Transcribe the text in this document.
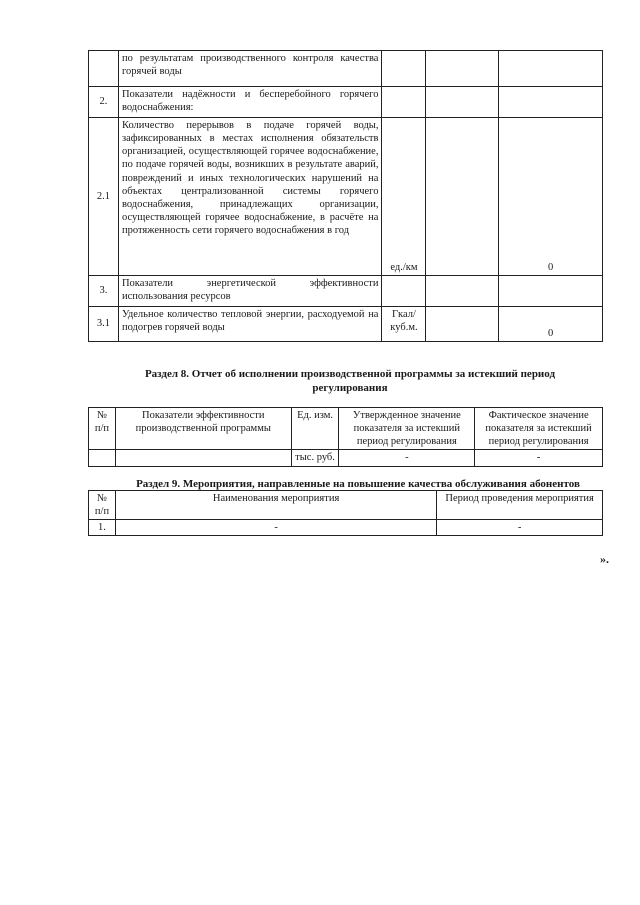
	по результатам производственного контроля качества горячей воды			
2.	Показатели надёжности и бесперебойного горячего водоснабжения:			
2.1	Количество перерывов в подаче горячей воды, зафиксированных в местах исполнения обязательств организацией, осуществляющей горячее водоснабжение, по подаче горячей воды, возникших в результате аварий, повреждений и иных технологических нарушений на объектах централизованной системы горячего водоснабжения, принадлежащих организации, осуществляющей горячее водоснабжение, в расчёте на протяженность сети горячего водоснабжения в год	ед./км		0
3.	Показатели энергетической эффективности использования ресурсов			
3.1	Удельное количество тепловой энергии, расходуемой на подогрев горячей воды	Гкал/ куб.м.		0
Раздел 8. Отчет об исполнении производственной программы за истекший период регулирования
№ п/п	Показатели эффективности производственной программы	Ед. изм.	Утвержденное значение показателя за истекший период регулирования	Фактическое значение показателя за истекший период регулирования
		тыс. руб.	-	-
Раздел 9. Мероприятия, направленные на повышение качества обслуживания абонентов
№ п/п	Наименования мероприятия	Период проведения мероприятия
1.	-	-
».
